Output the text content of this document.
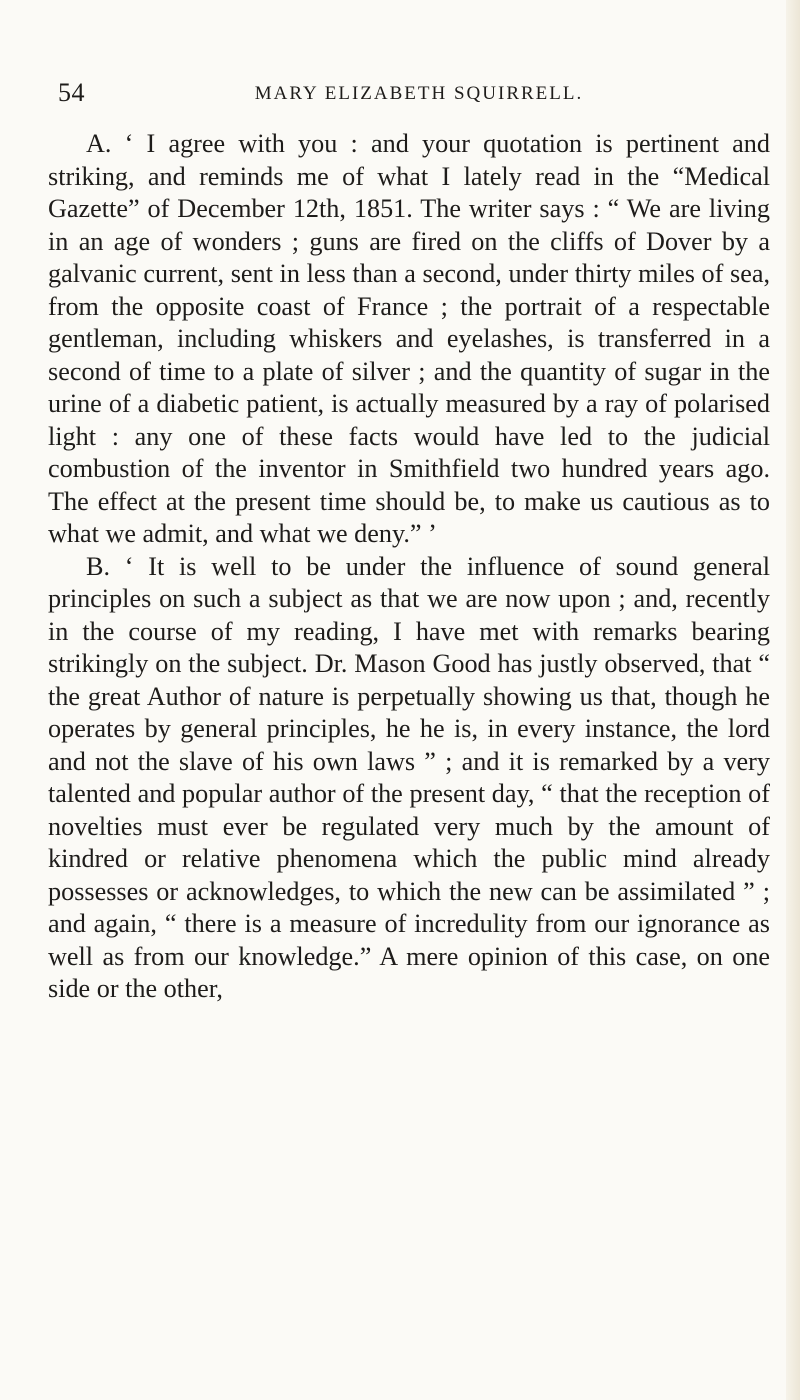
54	MARY ELIZABETH SQUIRRELL.

A. ‘ I agree with you : and your quotation is pertinent and striking, and reminds me of what I lately read in the “Medical Gazette” of December 12th, 1851. The writer says : “ We are living in an age of wonders ; guns are fired on the cliffs of Dover by a galvanic current, sent in less than a second, under thirty miles of sea, from the opposite coast of France ; the portrait of a respectable gentleman, including whiskers and eyelashes, is transferred in a second of time to a plate of silver ; and the quantity of sugar in the urine of a diabetic patient, is actually measured by a ray of polarised light : any one of these facts would have led to the judicial combustion of the inventor in Smithfield two hundred years ago. The effect at the present time should be, to make us cautious as to what we admit, and what we deny.” ’

B. ‘ It is well to be under the influence of sound general principles on such a subject as that we are now upon ; and, recently in the course of my reading, I have met with remarks bearing strikingly on the subject. Dr. Mason Good has justly observed, that “ the great Author of nature is perpetually showing us that, though he operates by general principles, he he is, in every instance, the lord and not the slave of his own laws ” ; and it is remarked by a very talented and popular author of the present day, “ that the reception of novelties must ever be regulated very much by the amount of kindred or relative phenomena which the public mind already possesses or acknowledges, to which the new can be assimilated ” ; and again, “ there is a measure of incredulity from our ignorance as well as from our knowledge.” A mere opinion of this case, on one side or the other,
